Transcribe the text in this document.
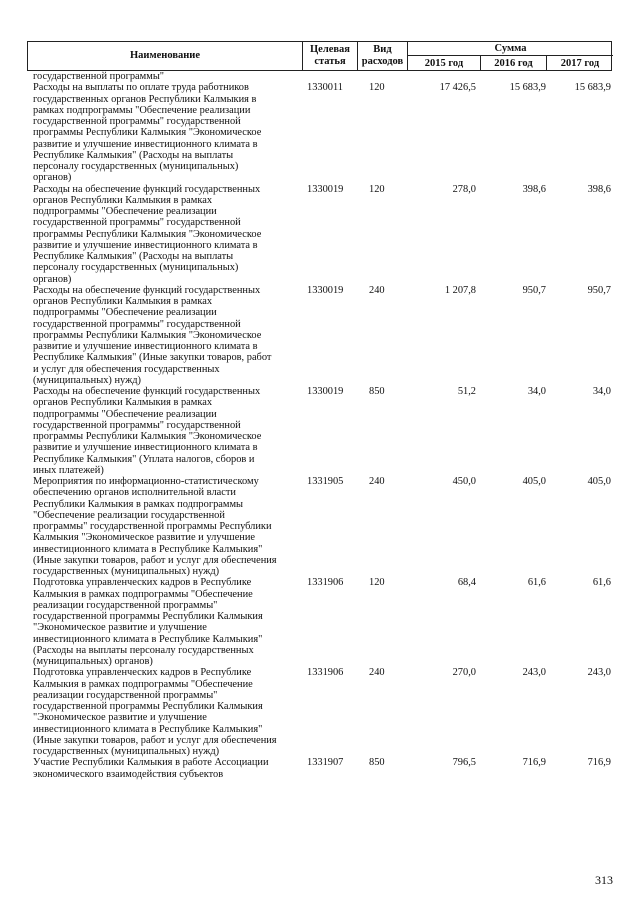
Наименование
Целевая
статья
Вид
расходов
Сумма
2015 год	2016 год	2017 год
государственной программы"
Расходы на выплаты по оплате труда работников
государственных органов Республики Калмыкия в
рамках подпрограммы "Обеспечение реализации
государственной программы" государственной
программы Республики Калмыкия "Экономическое
развитие и улучшение инвестиционного климата в
Республике Калмыкия" (Расходы на выплаты
персоналу государственных (муниципальных)
органов)
1330011	120	17 426,5	15 683,9	15 683,9
Расходы на обеспечение функций государственных
органов Республики Калмыкия в рамках
подпрограммы "Обеспечение реализации
государственной программы" государственной
программы Республики Калмыкия "Экономическое
развитие и улучшение инвестиционного климата в
Республике Калмыкия" (Расходы на выплаты
персоналу государственных (муниципальных)
органов)
1330019	120	278,0	398,6	398,6
Расходы на обеспечение функций государственных
органов Республики Калмыкия в рамках
подпрограммы "Обеспечение реализации
государственной программы" государственной
программы Республики Калмыкия "Экономическое
развитие и улучшение инвестиционного климата в
Республике Калмыкия" (Иные закупки товаров, работ
и услуг для обеспечения государственных
(муниципальных) нужд)
1330019	240	1 207,8	950,7	950,7
Расходы на обеспечение функций государственных
органов Республики Калмыкия в рамках
подпрограммы "Обеспечение реализации
государственной программы" государственной
программы Республики Калмыкия "Экономическое
развитие и улучшение инвестиционного климата в
Республике Калмыкия" (Уплата налогов, сборов и
иных платежей)
1330019	850	51,2	34,0	34,0
Мероприятия по информационно-статистическому
обеспечению органов исполнительной власти
Республики Калмыкия в рамках подпрограммы
"Обеспечение реализации государственной
программы" государственной программы Республики
Калмыкия "Экономическое развитие и улучшение
инвестиционного климата в Республике Калмыкия"
(Иные закупки товаров, работ и услуг для обеспечения
государственных (муниципальных) нужд)
1331905	240	450,0	405,0	405,0
Подготовка управленческих кадров в Республике
Калмыкия в рамках подпрограммы "Обеспечение
реализации государственной программы"
государственной программы Республики Калмыкия
"Экономическое развитие и улучшение
инвестиционного климата в Республике Калмыкия"
(Расходы на выплаты персоналу государственных
(муниципальных) органов)
1331906	120	68,4	61,6	61,6
Подготовка управленческих кадров в Республике
Калмыкия в рамках подпрограммы "Обеспечение
реализации государственной программы"
государственной программы Республики Калмыкия
"Экономическое развитие и улучшение
инвестиционного климата в Республике Калмыкия"
(Иные закупки товаров, работ и услуг для обеспечения
государственных (муниципальных) нужд)
1331906	240	270,0	243,0	243,0
Участие Республики Калмыкия в работе Ассоциации
экономического взаимодействия субъектов
1331907	850	796,5	716,9	716,9
313
